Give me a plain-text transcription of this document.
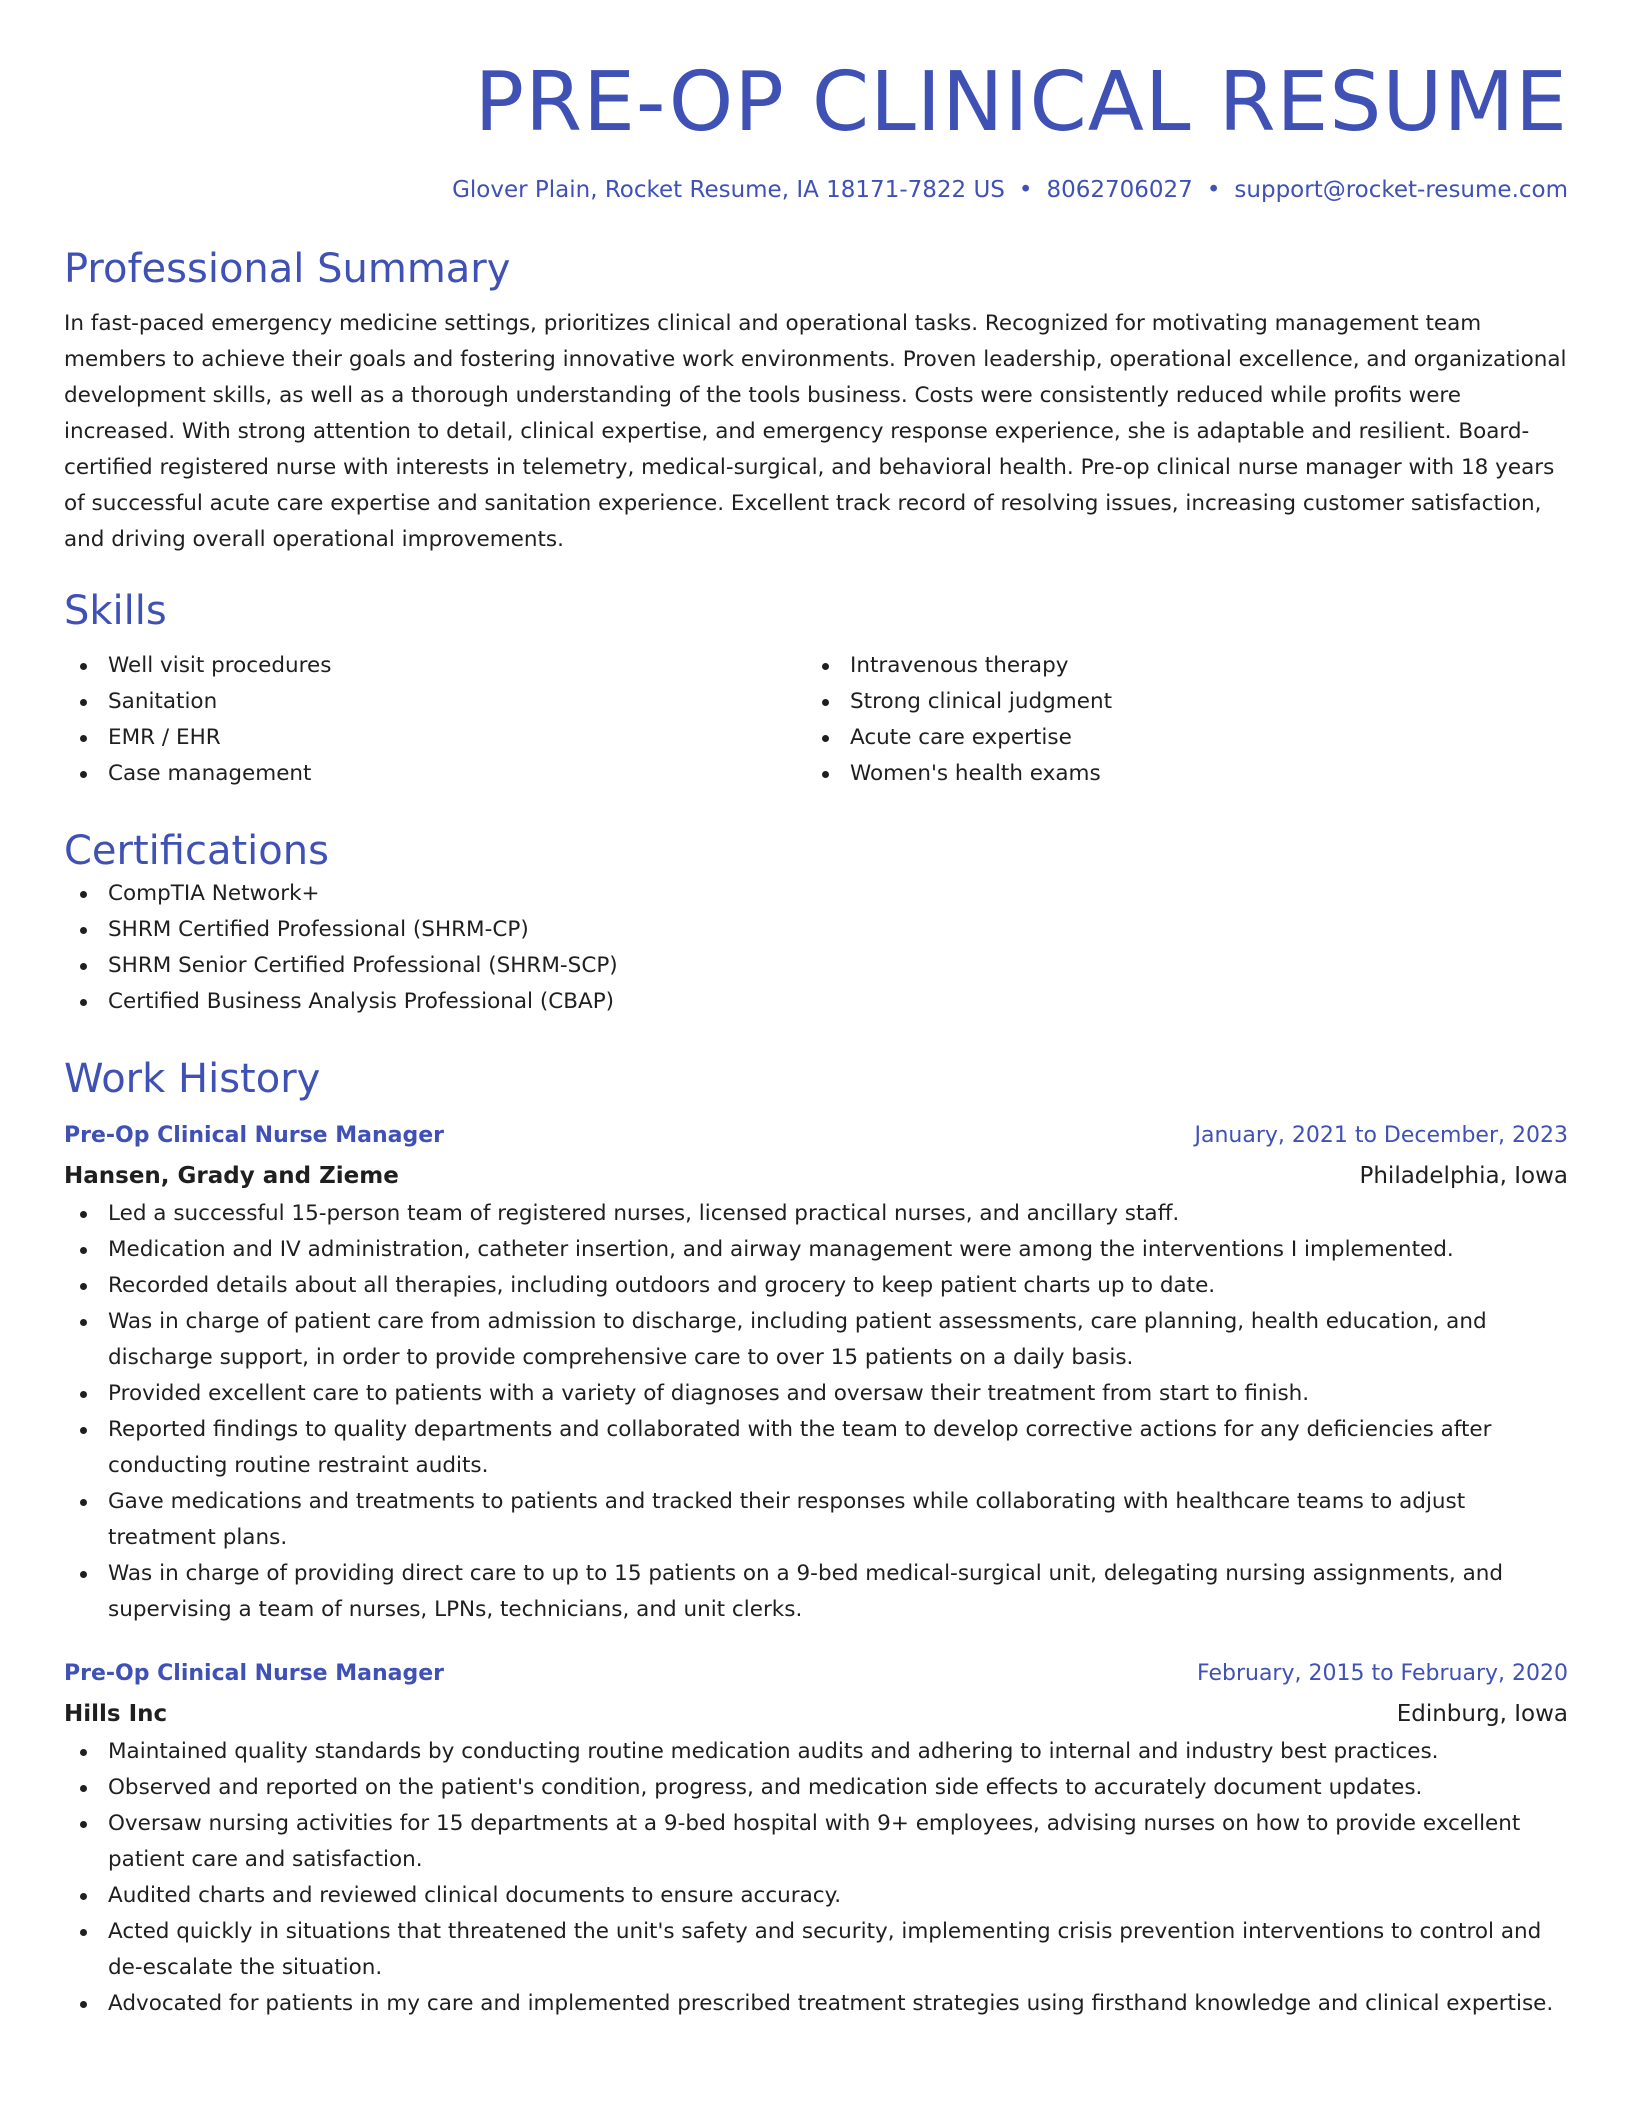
PRE-OP CLINICAL RESUME
Glover Plain, Rocket Resume, IA 18171-7822 US • 8062706027 • support@rocket-resume.com
Professional Summary

In fast-paced emergency medicine settings, prioritizes clinical and operational tasks. Recognized for motivating management team members to achieve their goals and fostering innovative work environments. Proven leadership, operational excellence, and organizational development skills, as well as a thorough understanding of the tools business. Costs were consistently reduced while profits were increased. With strong attention to detail, clinical expertise, and emergency response experience, she is adaptable and resilient. Board-certified registered nurse with interests in telemetry, medical-surgical, and behavioral health. Pre-op clinical nurse manager with 18 years of successful acute care expertise and sanitation experience. Excellent track record of resolving issues, increasing customer satisfaction, and driving overall operational improvements.

Skills
Well visit procedures
Sanitation
EMR / EHR
Case management
Intravenous therapy
Strong clinical judgment
Acute care expertise
Women's health exams
Certifications
CompTIA Network+
SHRM Certified Professional (SHRM-CP)
SHRM Senior Certified Professional (SHRM-SCP)
Certified Business Analysis Professional (CBAP)
Work History
Pre-Op Clinical Nurse Manager	January, 2021 to December, 2023
Hansen, Grady and Zieme	Philadelphia, Iowa
Led a successful 15-person team of registered nurses, licensed practical nurses, and ancillary staff.
Medication and IV administration, catheter insertion, and airway management were among the interventions I implemented.
Recorded details about all therapies, including outdoors and grocery to keep patient charts up to date.
Was in charge of patient care from admission to discharge, including patient assessments, care planning, health education, and discharge support, in order to provide comprehensive care to over 15 patients on a daily basis.
Provided excellent care to patients with a variety of diagnoses and oversaw their treatment from start to finish.
Reported findings to quality departments and collaborated with the team to develop corrective actions for any deficiencies after conducting routine restraint audits.
Gave medications and treatments to patients and tracked their responses while collaborating with healthcare teams to adjust treatment plans.
Was in charge of providing direct care to up to 15 patients on a 9-bed medical-surgical unit, delegating nursing assignments, and supervising a team of nurses, LPNs, technicians, and unit clerks.
Pre-Op Clinical Nurse Manager	February, 2015 to February, 2020
Hills Inc	Edinburg, Iowa
Maintained quality standards by conducting routine medication audits and adhering to internal and industry best practices.
Observed and reported on the patient's condition, progress, and medication side effects to accurately document updates.
Oversaw nursing activities for 15 departments at a 9-bed hospital with 9+ employees, advising nurses on how to provide excellent patient care and satisfaction.
Audited charts and reviewed clinical documents to ensure accuracy.
Acted quickly in situations that threatened the unit's safety and security, implementing crisis prevention interventions to control and de-escalate the situation.
Advocated for patients in my care and implemented prescribed treatment strategies using firsthand knowledge and clinical expertise.
